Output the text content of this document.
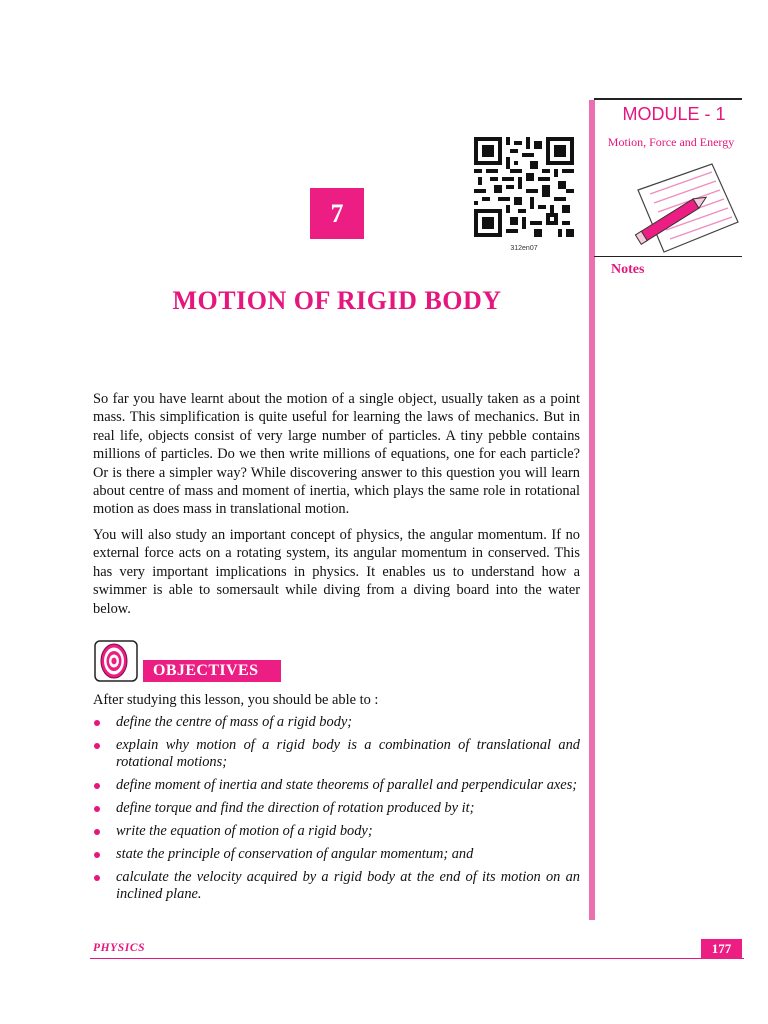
MODULE - 1
Motion, Force and Energy
Notes
312en07
7
MOTION OF RIGID BODY
So far you have learnt about the motion of a single object, usually taken as a point mass. This simplification is quite useful for learning the laws of mechanics. But in real life, objects consist of very large number of particles. A tiny pebble contains millions of particles. Do we then write millions of equations, one for each particle? Or is there a simpler way? While discovering answer to this question you will learn about centre of mass and moment of inertia, which plays the same role in rotational motion as does mass in translational motion.
You will also study an important concept of physics, the angular momentum. If no external force acts on a rotating system, its angular momentum in conserved. This has very important implications in physics. It enables us to understand how a swimmer is able to somersault while diving from a diving board into the water below.
OBJECTIVES
After studying this lesson, you should be able to :
define the centre of mass of a rigid body;
explain why motion of a rigid body is a combination of translational and rotational motions;
define moment of inertia and state theorems of parallel and perpendicular axes;
define torque and find the direction of rotation produced by it;
write the equation of motion of a rigid body;
state the principle of conservation of angular momentum; and
calculate the velocity acquired by a rigid body at the end of its motion on an inclined plane.
PHYSICS	177
